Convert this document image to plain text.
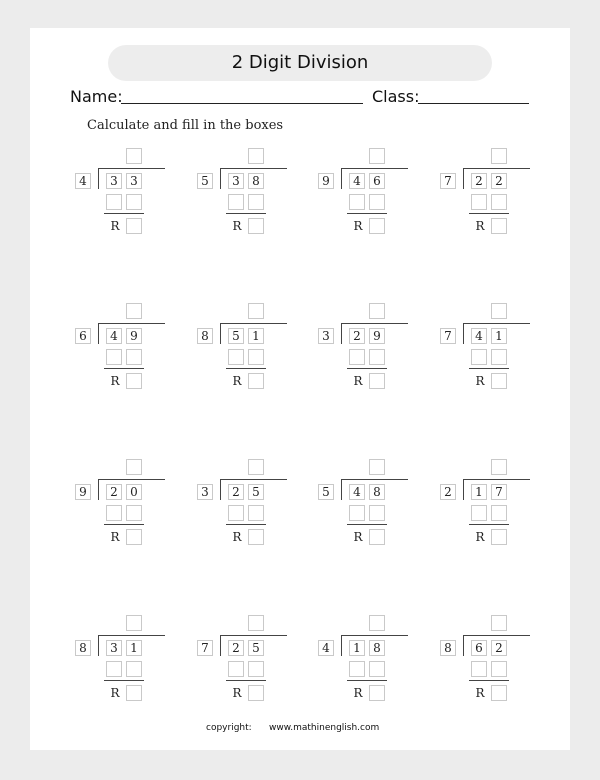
2 Digit Division
Name:	Class:
Calculate and fill in the boxes
copyright: www.mathinenglish.com
4	3	3
R
5	3	8
R
9	4	6
R
7	2	2
R
6	4	9
R
8	5	1
R
3	2	9
R
7	4	1
R
9	2	0
R
3	2	5
R
5	4	8
R
2	1	7
R
8	3	1
R
7	2	5
R
4	1	8
R
8	6	2
R
